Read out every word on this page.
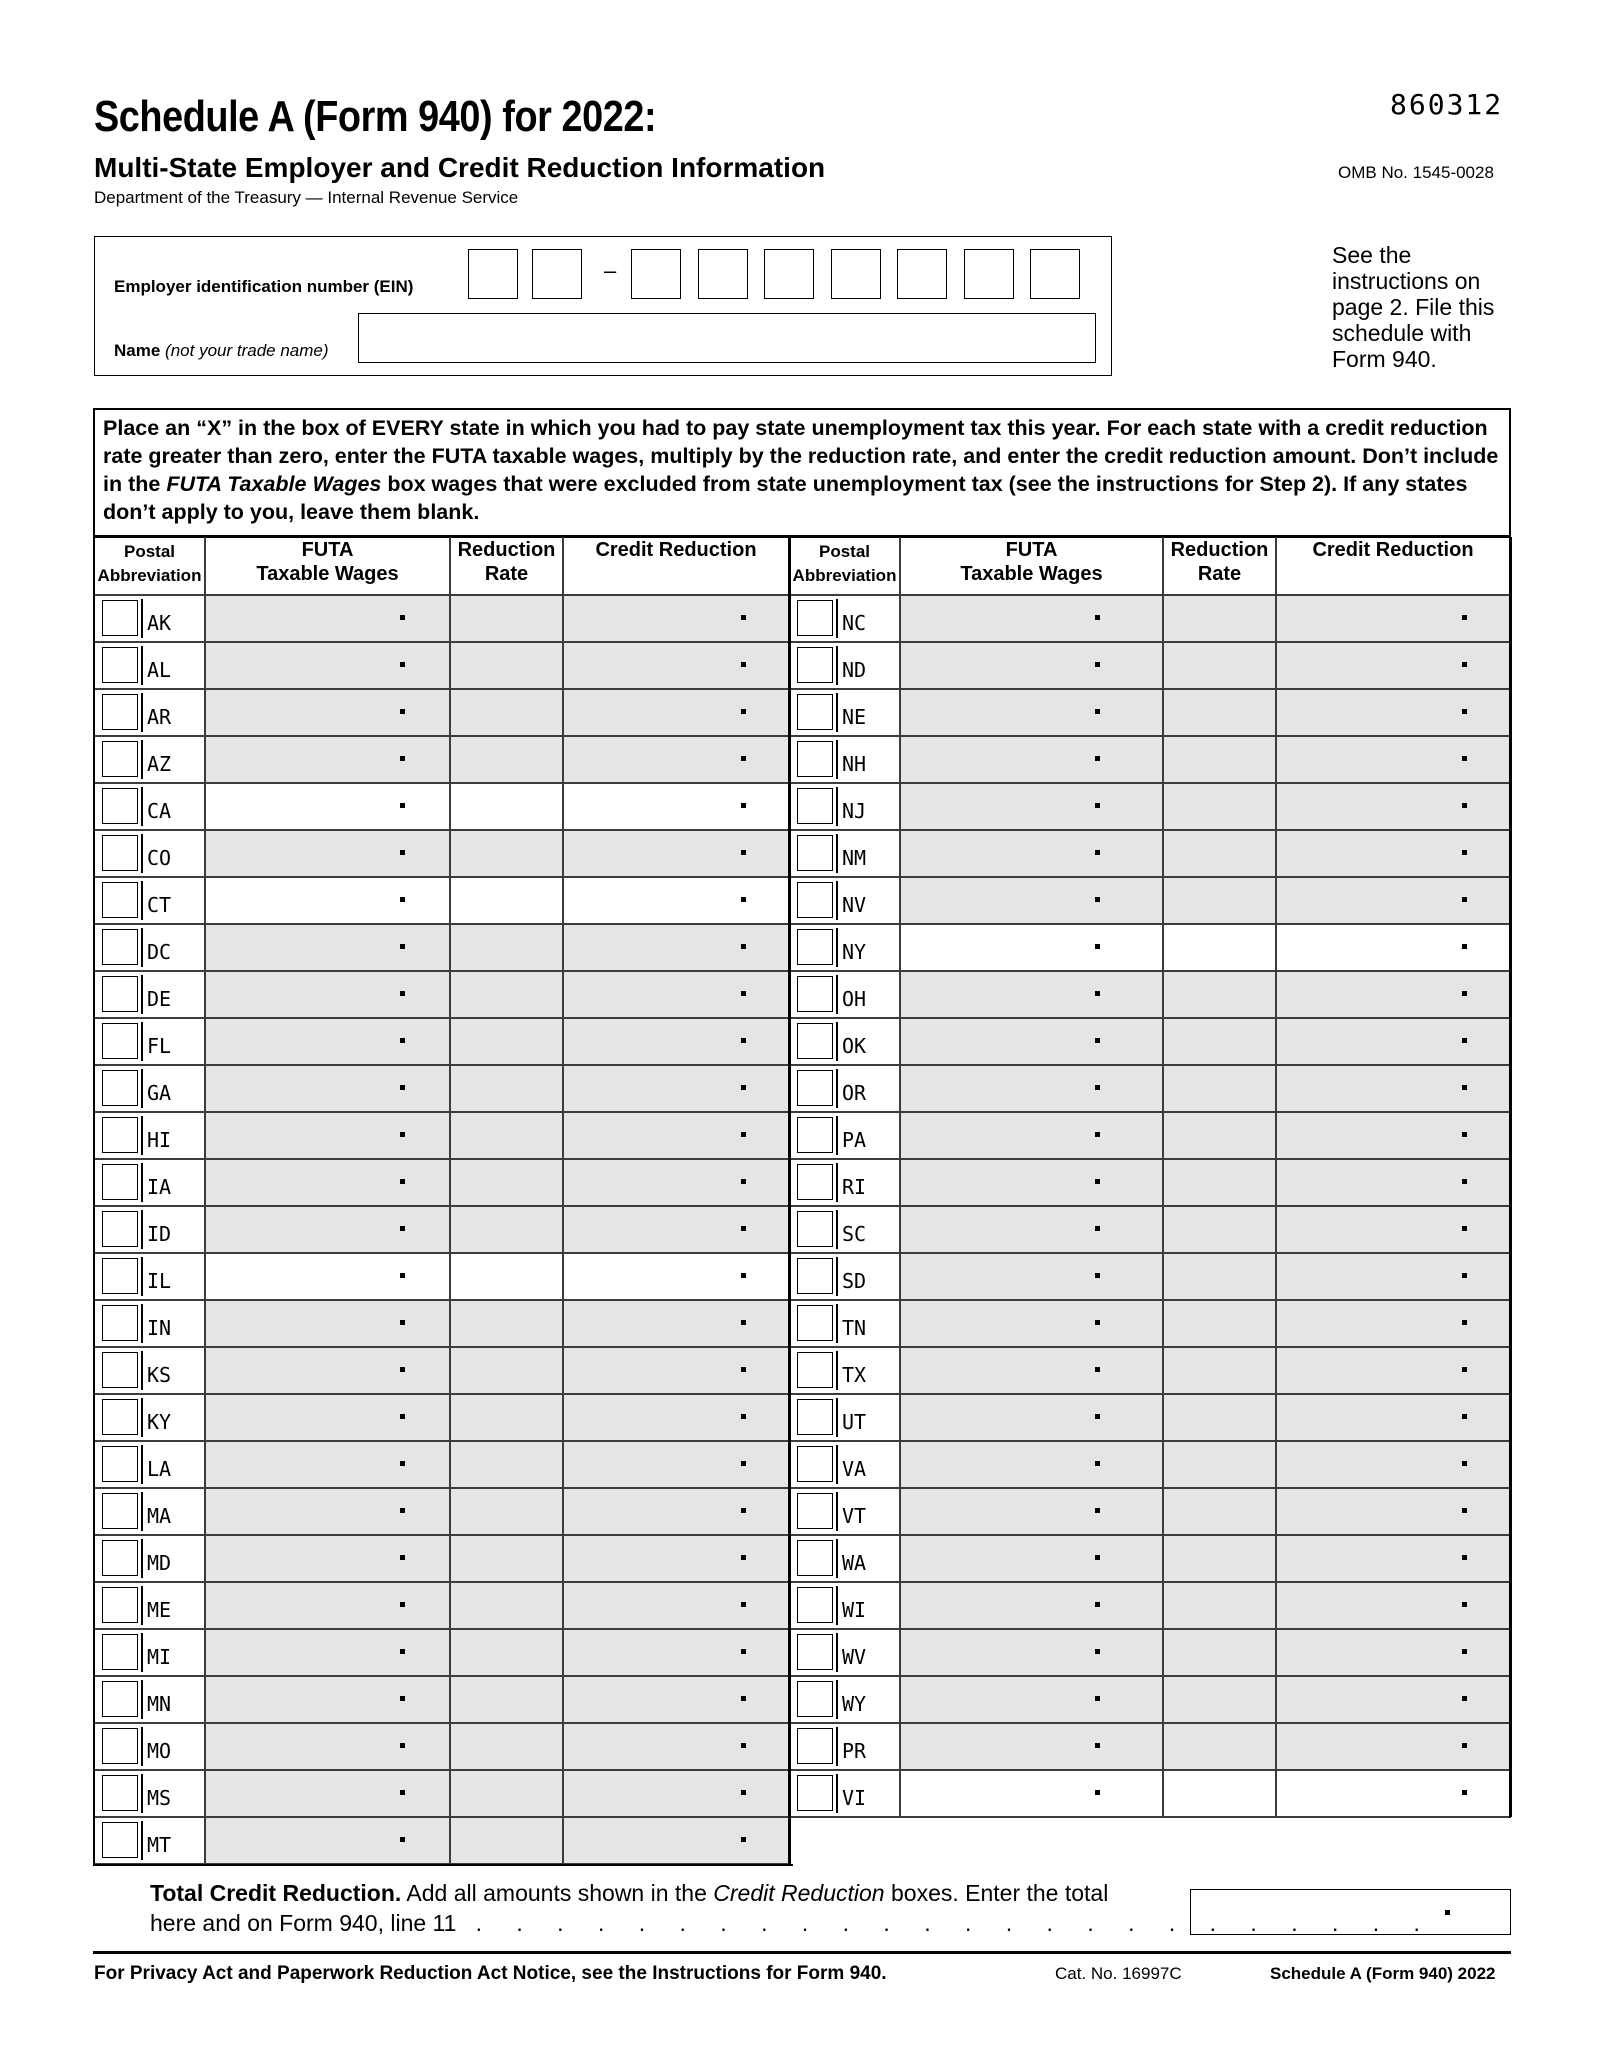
Schedule A (Form 940) for 2022:
Multi-State Employer and Credit Reduction Information
Department of the Treasury — Internal Revenue Service
860312
OMB No. 1545-0028
Employer identification number (EIN)
–
Name (not your trade name)
See the instructions on page 2. File this schedule with Form 940.
Place an “X” in the box of EVERY state in which you had to pay state unemployment tax this year. For each state with a credit reduction rate greater than zero, enter the FUTA taxable wages, multiply by the reduction rate, and enter the credit reduction amount. Don’t include in the FUTA Taxable Wages box wages that were excluded from state unemployment tax (see the instructions for Step 2). If any states don’t apply to you, leave them blank.
Postal Abbreviation
FUTA
Taxable Wages
Reduction
Rate
Credit Reduction
AK
AL
AR
AZ
CA
CO
CT
DC
DE
FL
GA
HI
IA
ID
IL
IN
KS
KY
LA
MA
MD
ME
MI
MN
MO
MS
MT
Postal Abbreviation
FUTA
Taxable Wages
Reduction
Rate
Credit Reduction
NC
ND
NE
NH
NJ
NM
NV
NY
OH
OK
OR
PA
RI
SC
SD
TN
TX
UT
VA
VT
WA
WI
WV
WY
PR
VI
Total Credit Reduction. Add all amounts shown in the Credit Reduction boxes. Enter the total
here and on Form 940, line 11 . . . . . . . . . . . . . . . . . . . . . . . .
For Privacy Act and Paperwork Reduction Act Notice, see the Instructions for Form 940.	Cat. No. 16997C	Schedule A (Form 940) 2022
